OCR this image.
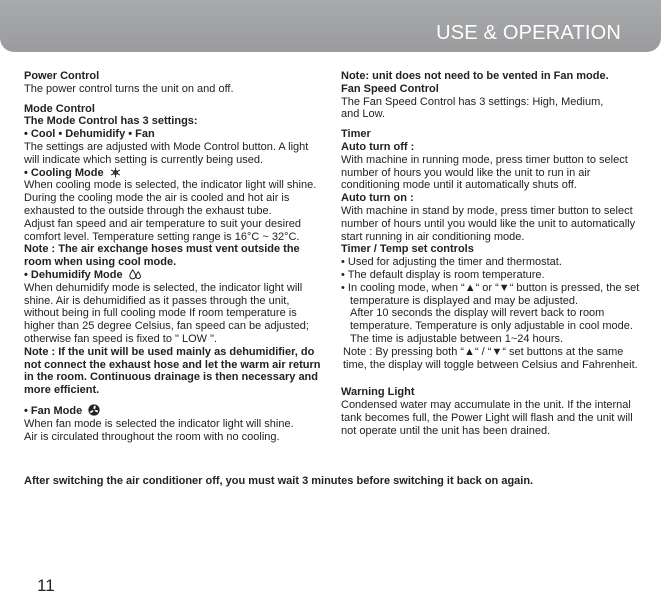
USE & OPERATION
Power Control
The power control turns the unit on and off.
Mode Control
The Mode Control has 3 settings:
• Cool • Dehumidify • Fan
The settings are adjusted with Mode Control button. A light
will indicate which setting is currently being used.
• Cooling Mode
When cooling mode is selected, the indicator light will shine.
During the cooling mode the air is cooled and hot air is
exhausted to the outside through the exhaust tube.
Adjust fan speed and air temperature to suit your desired
comfort level. Temperature setting range is 16°C ~ 32°C.
Note : The air exchange hoses must vent outside the
room when using cool mode.
• Dehumidify Mode
When dehumidify mode is selected, the indicator light will
shine. Air is dehumidified as it passes through the unit,
without being in full cooling mode If room temperature is
higher than 25 degree Celsius, fan speed can be adjusted;
otherwise fan speed is fixed to " LOW ".
Note : If the unit will be used mainly as dehumidifier, do
not connect the exhaust hose and let the warm air return
in the room. Continuous drainage is then necessary and
more efficient.
• Fan Mode
When fan mode is selected the indicator light will shine.
Air is circulated throughout the room with no cooling.
Note: unit does not need to be vented in Fan mode.
Fan Speed Control
The Fan Speed Control has 3 settings: High, Medium,
and Low.
Timer
Auto turn off :
With machine in running mode, press timer button to select
number of hours you would like the unit to run in air
conditioning mode until it automatically shuts off.
Auto turn on :
With machine in stand by mode, press timer button to select
number of hours until you would like the unit to automatically
start running in air conditioning mode.
Timer / Temp set controls
• Used for adjusting the timer and thermostat.
• The default display is room temperature.
• In cooling mode, when “▲“ or “▼“ button is pressed, the set
temperature is displayed and may be adjusted.
After 10 seconds the display will revert back to room
temperature. Temperature is only adjustable in cool mode.
The time is adjustable between 1~24 hours.
Note : By pressing both “▲“ / “▼“ set buttons at the same
time, the display will toggle between Celsius and Fahrenheit.
Warning Light
Condensed water may accumulate in the unit. If the internal
tank becomes full, the Power Light will flash and the unit will
not operate until the unit has been drained.
After switching the air conditioner off, you must wait 3 minutes before switching it back on again.
11
